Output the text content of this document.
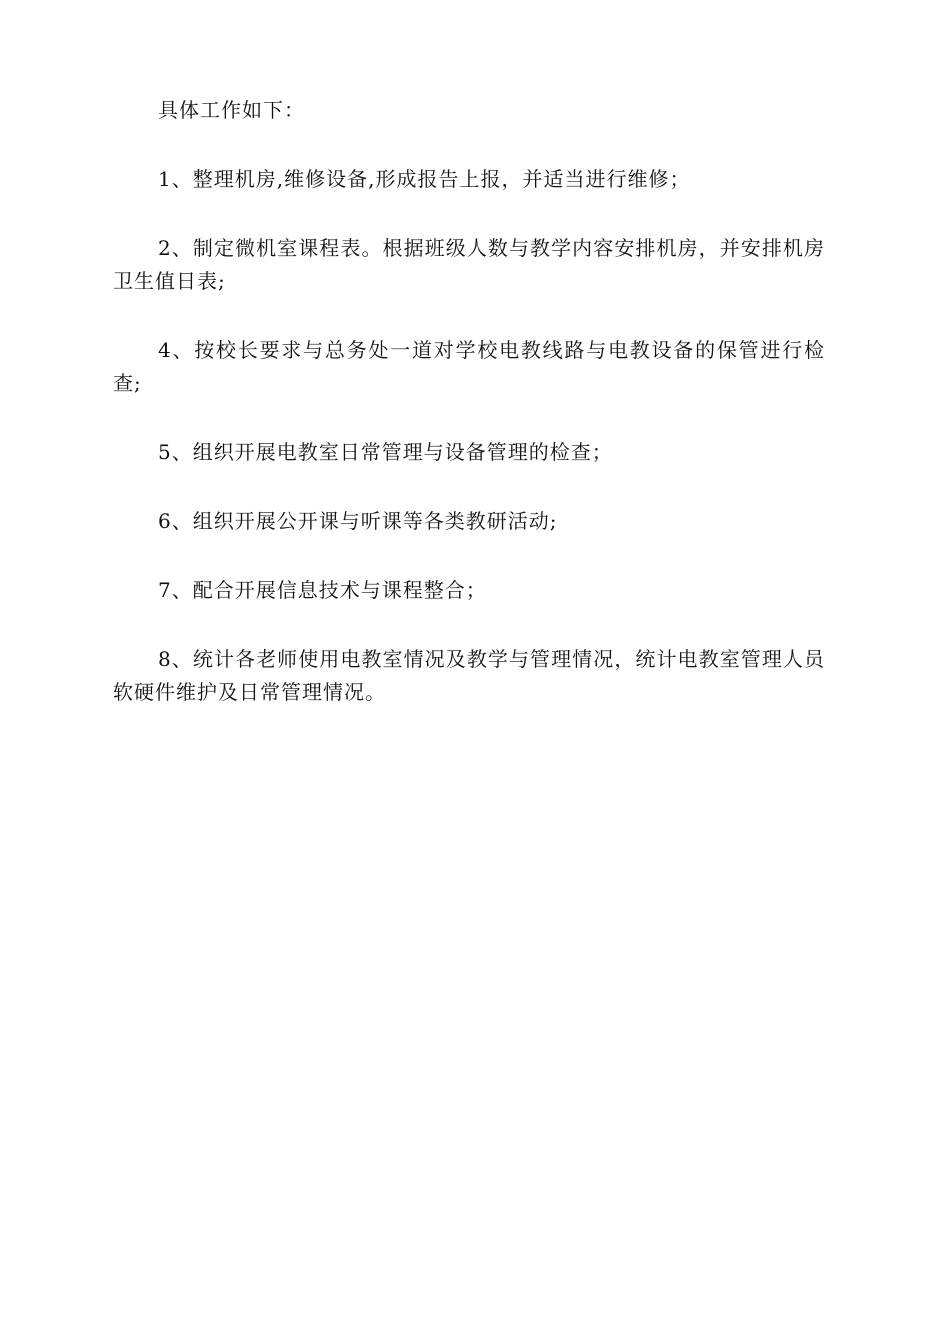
具体工作如下：

1、整理机房,维修设备,形成报告上报，并适当进行维修；

2、制定微机室课程表。根据班级人数与教学内容安排机房，并安排机房卫生值日表;

4、按校长要求与总务处一道对学校电教线路与电教设备的保管进行检查;

5、组织开展电教室日常管理与设备管理的检查；

6、组织开展公开课与听课等各类教研活动;

7、配合开展信息技术与课程整合；

8、统计各老师使用电教室情况及教学与管理情况，统计电教室管理人员软硬件维护及日常管理情况。
